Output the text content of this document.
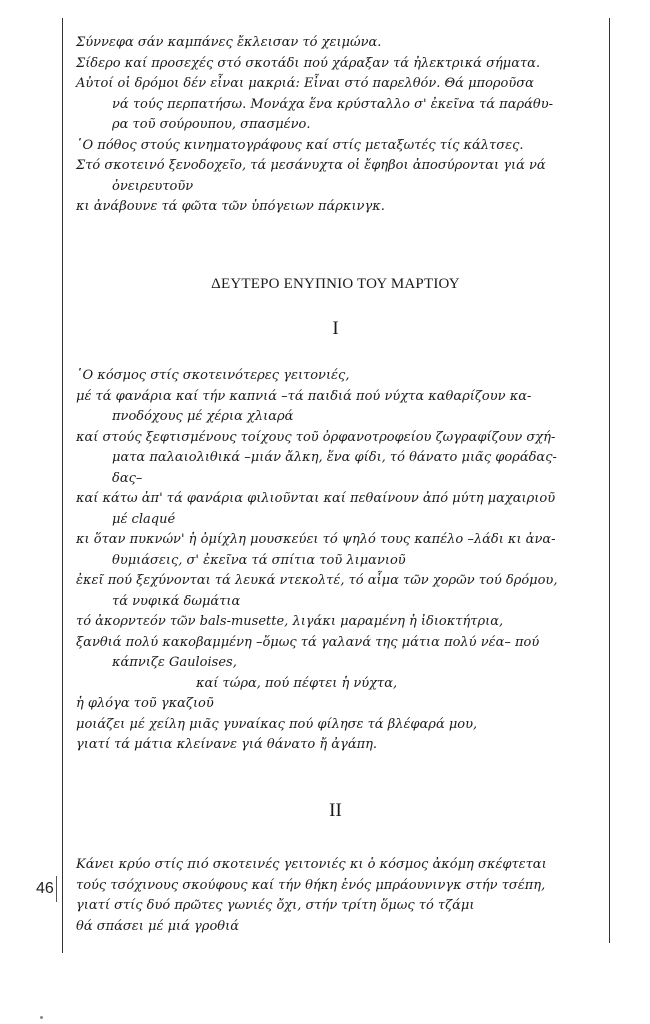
Σύννεφα σάν καμπάνες ἔκλεισαν τό χειμώνα.
Σίδερο καί προσεχές στό σκοτάδι πού χάραξαν τά ἠλεκτρικά σήματα.
Αὐτοί οἱ δρόμοι δέν εἶναι μακριά: Εἶναι στό παρελθόν. Θά μποροῦσα
νά τούς περπατήσω. Μονάχα ἕνα κρύσταλλο σ' ἐκεῖνα τά παράθυ-
ρα τοῦ σούρουπου, σπασμένο.
῾Ο πόθος στούς κινηματογράφους καί στίς μεταξωτές τίς κάλτσες.
Στό σκοτεινό ξενοδοχεῖο, τά μεσάνυχτα οἱ ἔφηβοι ἀποσύρονται γιά νά
ὀνειρευτοῦν
κι ἀνάβουνε τά φῶτα τῶν ὑπόγειων πάρκινγκ.
ΔΕΥΤΕΡΟ ΕΝΥΠΝΙΟ ΤΟΥ ΜΑΡΤΙΟΥ
I
῾Ο κόσμος στίς σκοτεινότερες γειτονιές,
μέ τά φανάρια καί τήν καπνιά –τά παιδιά πού νύχτα καθαρίζουν κα-
πνοδόχους μέ χέρια χλιαρά
καί στούς ξεφτισμένους τοίχους τοῦ ὀρφανοτροφείου ζωγραφίζουν σχή-
ματα παλαιολιθικά –μιάν ἄλκη, ἕνα φίδι, τό θάνατο μιᾶς φοράδας-
δας–
καί κάτω ἀπ' τά φανάρια φιλιοῦνται καί πεθαίνουν ἀπό μύτη μαχαιριοῦ
μέ claqué
κι ὅταν πυκνών' ἡ ὀμίχλη μουσκεύει τό ψηλό τους καπέλο –λάδι κι ἀνα-
θυμιάσεις, σ' ἐκεῖνα τά σπίτια τοῦ λιμανιοῦ
ἐκεῖ πού ξεχύνονται τά λευκά ντεκολτέ, τό αἷμα τῶν χορῶν τού δρόμου,
τά νυφικά δωμάτια
τό ἀκορντεόν τῶν bals-musette, λιγάκι μαραμένη ἡ ἰδιοκτήτρια,
ξανθιά πολύ κακοβαμμένη –ὅμως τά γαλανά της μάτια πολύ νέα– πού
κάπνιζε Gauloises,
καί τώρα, πού πέφτει ἡ νύχτα,
ἡ φλόγα τοῦ γκαζιοῦ
μοιάζει μέ χείλη μιᾶς γυναίκας πού φίλησε τά βλέφαρά μου,
γιατί τά μάτια κλείνανε γιά θάνατο ἤ ἀγάπη.
II
Κάνει κρύο στίς πιό σκοτεινές γειτονιές κι ὁ κόσμος ἀκόμη σκέφτεται
τούς τσόχινους σκούφους καί τήν θήκη ἑνός μπράουνινγκ στήν τσέπη,
γιατί στίς δυό πρῶτες γωνιές ὄχι, στήν τρίτη ὅμως τό τζάμι
θά σπάσει μέ μιά γροθιά
46
